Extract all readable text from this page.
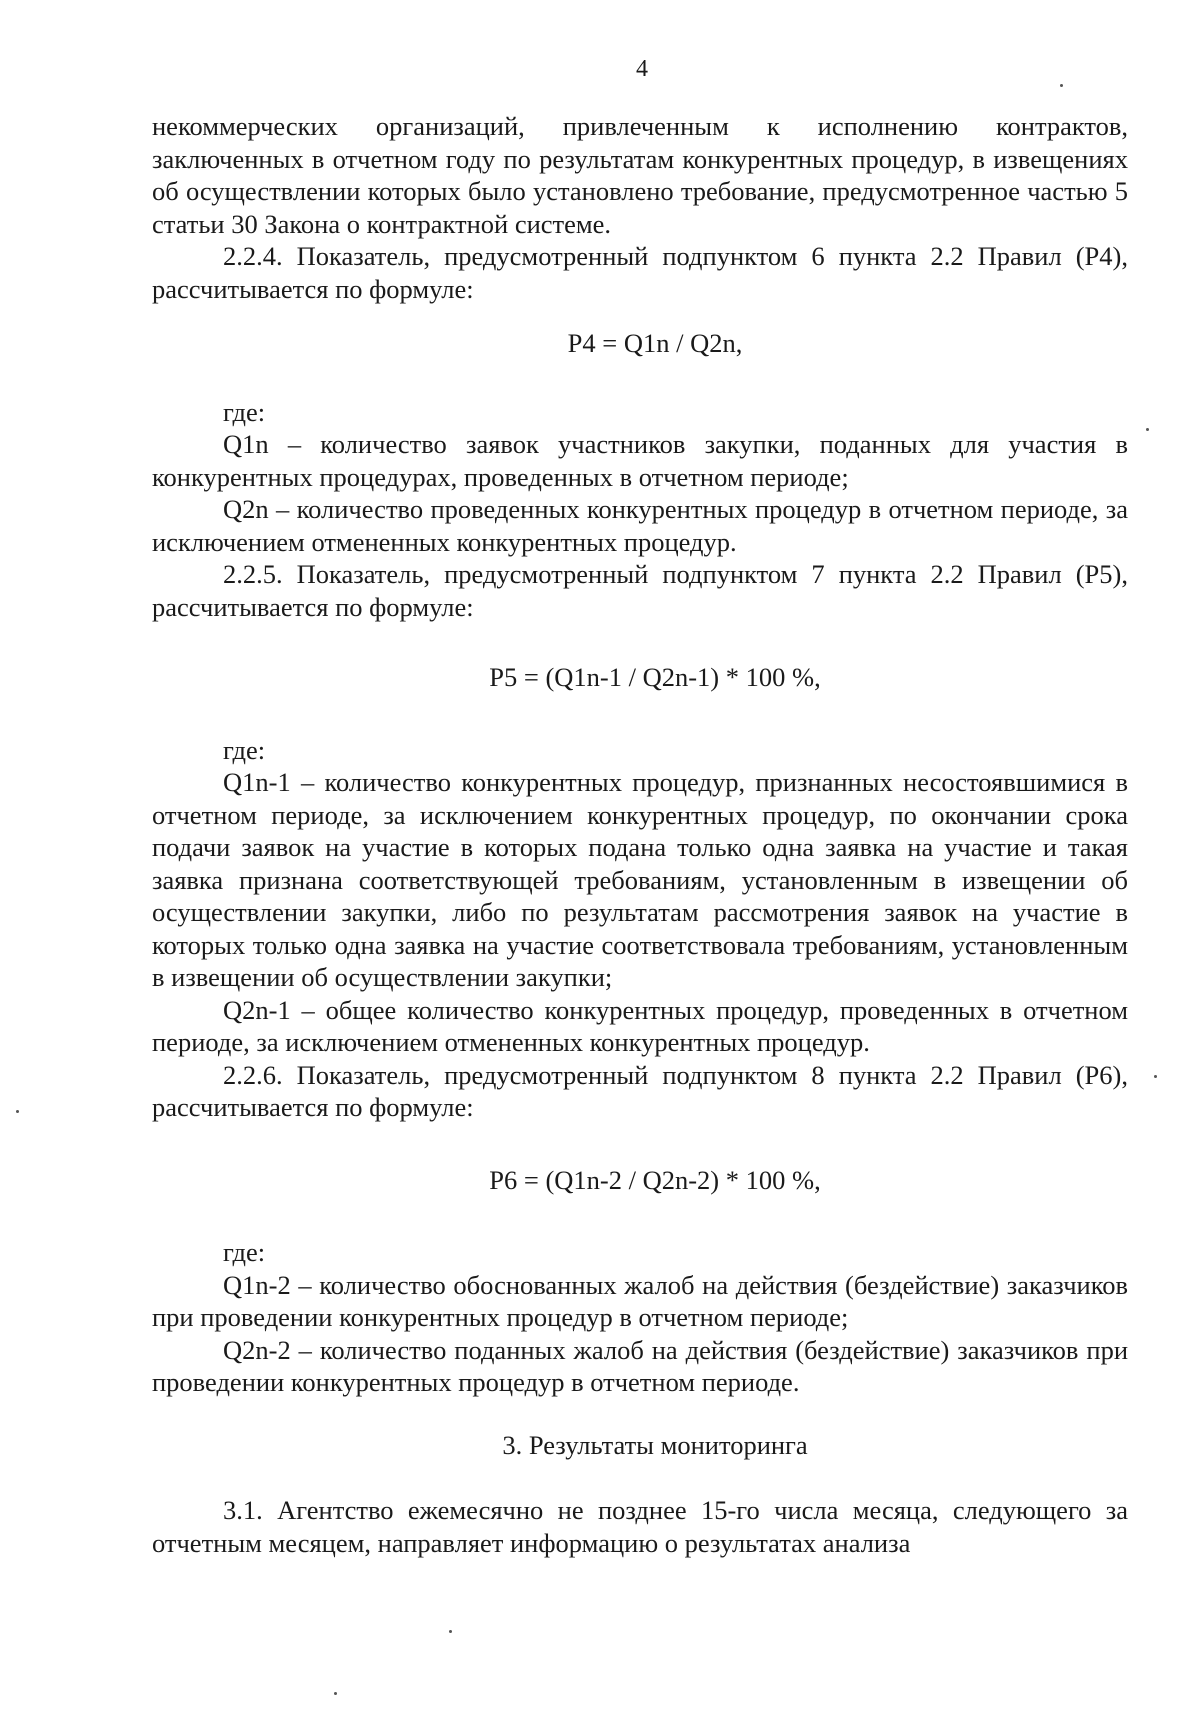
4

некоммерческих организаций, привлеченным к исполнению контрактов, заключенных в отчетном году по результатам конкурентных процедур, в извещениях об осуществлении которых было установлено требование, предусмотренное частью 5 статьи 30 Закона о контрактной системе.

2.2.4. Показатель, предусмотренный подпунктом 6 пункта 2.2 Правил (Р4), рассчитывается по формуле:

Р4 = Q1n / Q2n,

где:

Q1n – количество заявок участников закупки, поданных для участия в конкурентных процедурах, проведенных в отчетном периоде;

Q2n – количество проведенных конкурентных процедур в отчетном периоде, за исключением отмененных конкурентных процедур.

2.2.5. Показатель, предусмотренный подпунктом 7 пункта 2.2 Правил (Р5), рассчитывается по формуле:

Р5 = (Q1n-1 / Q2n-1) * 100 %,

где:

Q1n-1 – количество конкурентных процедур, признанных несостоявшимися в отчетном периоде, за исключением конкурентных процедур, по окончании срока подачи заявок на участие в которых подана только одна заявка на участие и такая заявка признана соответствующей требованиям, установленным в извещении об осуществлении закупки, либо по результатам рассмотрения заявок на участие в которых только одна заявка на участие соответствовала требованиям, установленным в извещении об осуществлении закупки;

Q2n-1 – общее количество конкурентных процедур, проведенных в отчетном периоде, за исключением отмененных конкурентных процедур.

2.2.6. Показатель, предусмотренный подпунктом 8 пункта 2.2 Правил (Р6), рассчитывается по формуле:

Р6 = (Q1n-2 / Q2n-2) * 100 %,

где:

Q1n-2 – количество обоснованных жалоб на действия (бездействие) заказчиков при проведении конкурентных процедур в отчетном периоде;

Q2n-2 – количество поданных жалоб на действия (бездействие) заказчиков при проведении конкурентных процедур в отчетном периоде.

3. Результаты мониторинга

3.1. Агентство ежемесячно не позднее 15-го числа месяца, следующего за отчетным месяцем, направляет информацию о результатах анализа
